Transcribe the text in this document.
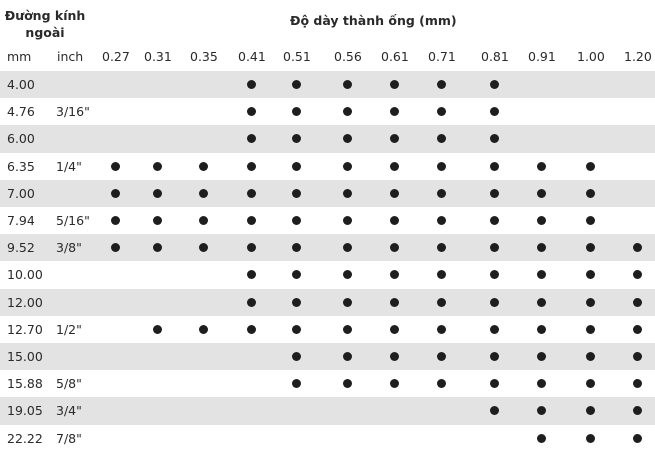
Đường kính
ngoài
Độ dày thành ống (mm)
mm inch 0.27 0.31 0.35 0.41 0.51 0.56 0.61 0.71 0.81 0.91 1.00 1.20
4.00
4.76 3/16"
6.00
6.35 1/4"
7.00
7.94 5/16"
9.52 3/8"
10.00
12.00
12.70 1/2"
15.00
15.88 5/8"
19.05 3/4"
22.22 7/8"
